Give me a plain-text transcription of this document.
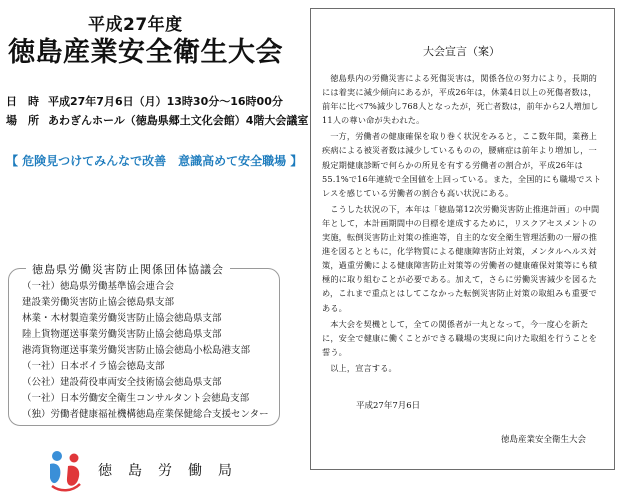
平成27年度
徳島産業安全衛生大会
日　時 平成27年7月6日（月）13時30分～16時00分
場　所 あわぎんホール（徳島県郷土文化会館）4階大会議室
【 危険見つけてみんなで改善　意識高めて安全職場 】
徳島県労働災害防止関係団体協議会
（一社）徳島県労働基準協会連合会
建設業労働災害防止協会徳島県支部
林業・木材製造業労働災害防止協会徳島県支部
陸上貨物運送事業労働災害防止協会徳島県支部
港湾貨物運送事業労働災害防止協会徳島小松島港支部
（一社）日本ボイラ協会徳島支部
（公社）建設荷役車両安全技術協会徳島県支部
（一社）日本労働安全衛生コンサルタント会徳島支部
（独）労働者健康福祉機構徳島産業保健総合支援センター
徳島労働局
大会宣言（案）

徳島県内の労働災害による死傷災害は，関係各位の努力により，長期的には着実に減少傾向にあるが，平成26年は，休業4日以上の死傷者数は，前年に比べ7%減少し768人となったが，死亡者数は，前年から2人増加し11人の尊い命が失われた。

一方，労働者の健康確保を取り巻く状況をみると，ここ数年間，業務上疾病による被災者数は減少しているものの，腰痛症は前年より増加し，一般定期健康診断で何らかの所見を有する労働者の割合が，平成26年は55.1%で16年連続で全国値を上回っている。また，全国的にも職場でストレスを感じている労働者の割合も高い状況にある。

こうした状況の下，本年は「徳島第12次労働災害防止推進計画」の中間年として，本計画期間中の目標を達成するために，リスクアセスメントの実施，転倒災害防止対策の推進等，自主的な安全衛生管理活動の一層の推進を図るとともに，化学物質による健康障害防止対策，メンタルヘルス対策，過重労働による健康障害防止対策等の労働者の健康確保対策等にも積極的に取り組むことが必要である。加えて，さらに労働災害減少を図るため，これまで重点とはしてこなかった転倒災害防止対策の取組みも重要である。

本大会を契機として，全ての関係者が一丸となって，今一度心を新たに，安全で健康に働くことができる職場の実現に向けた取組を行うことを誓う。

以上，宣言する。

平成27年7月6日
徳島産業安全衛生大会
